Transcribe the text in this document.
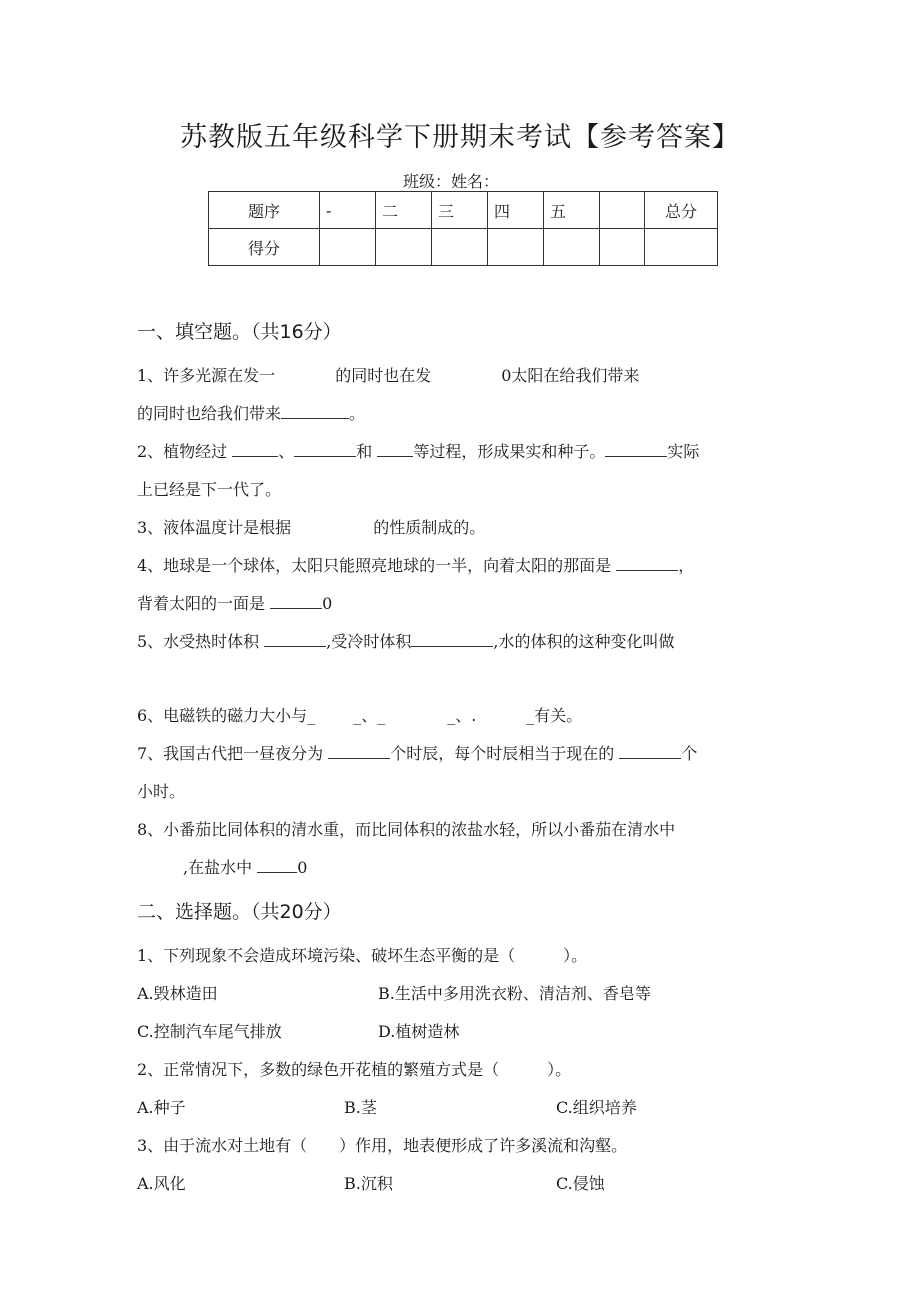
苏教版五年级科学下册期末考试【参考答案】
班级：姓名：
题序	-	二	三	四	五		总分
得分							
一、填空题。（共16分）
1、许多光源在发一	的同时也在发	0太阳在给我们带来
的同时也给我们带来	。
2、植物经过	、	和	等过程，形成果实和种子。	实际
上已经是下一代了。
3、液体温度计是根据	的性质制成的。
4、地球是一个球体，太阳只能照亮地球的一半，向着太阳的那面是	，
背着太阳的一面是	0
5、水受热时体积	,受冷时体积	,水的体积的这种变化叫做
6、电磁铁的磁力大小与_ _、_	_、.	_有关。
7、我国古代把一昼夜分为	个时辰，每个时辰相当于现在的	个
小时。
8、小番茄比同体积的清水重，而比同体积的浓盐水轻，所以小番茄在清水中
,在盐水中	0
二、选择题。（共20分）
1、下列现象不会造成环境污染、破坏生态平衡的是（　　　）。
A.毁林造田	B.生活中多用洗衣粉、清洁剂、香皂等
C.控制汽车尾气排放	D.植树造林
2、正常情况下，多数的绿色开花植的繁殖方式是（　　　）。
A.种子	B.茎	C.组织培养
3、由于流水对土地有（　　）作用，地表便形成了许多溪流和沟壑。
A.风化	B.沉积	C.侵蚀
